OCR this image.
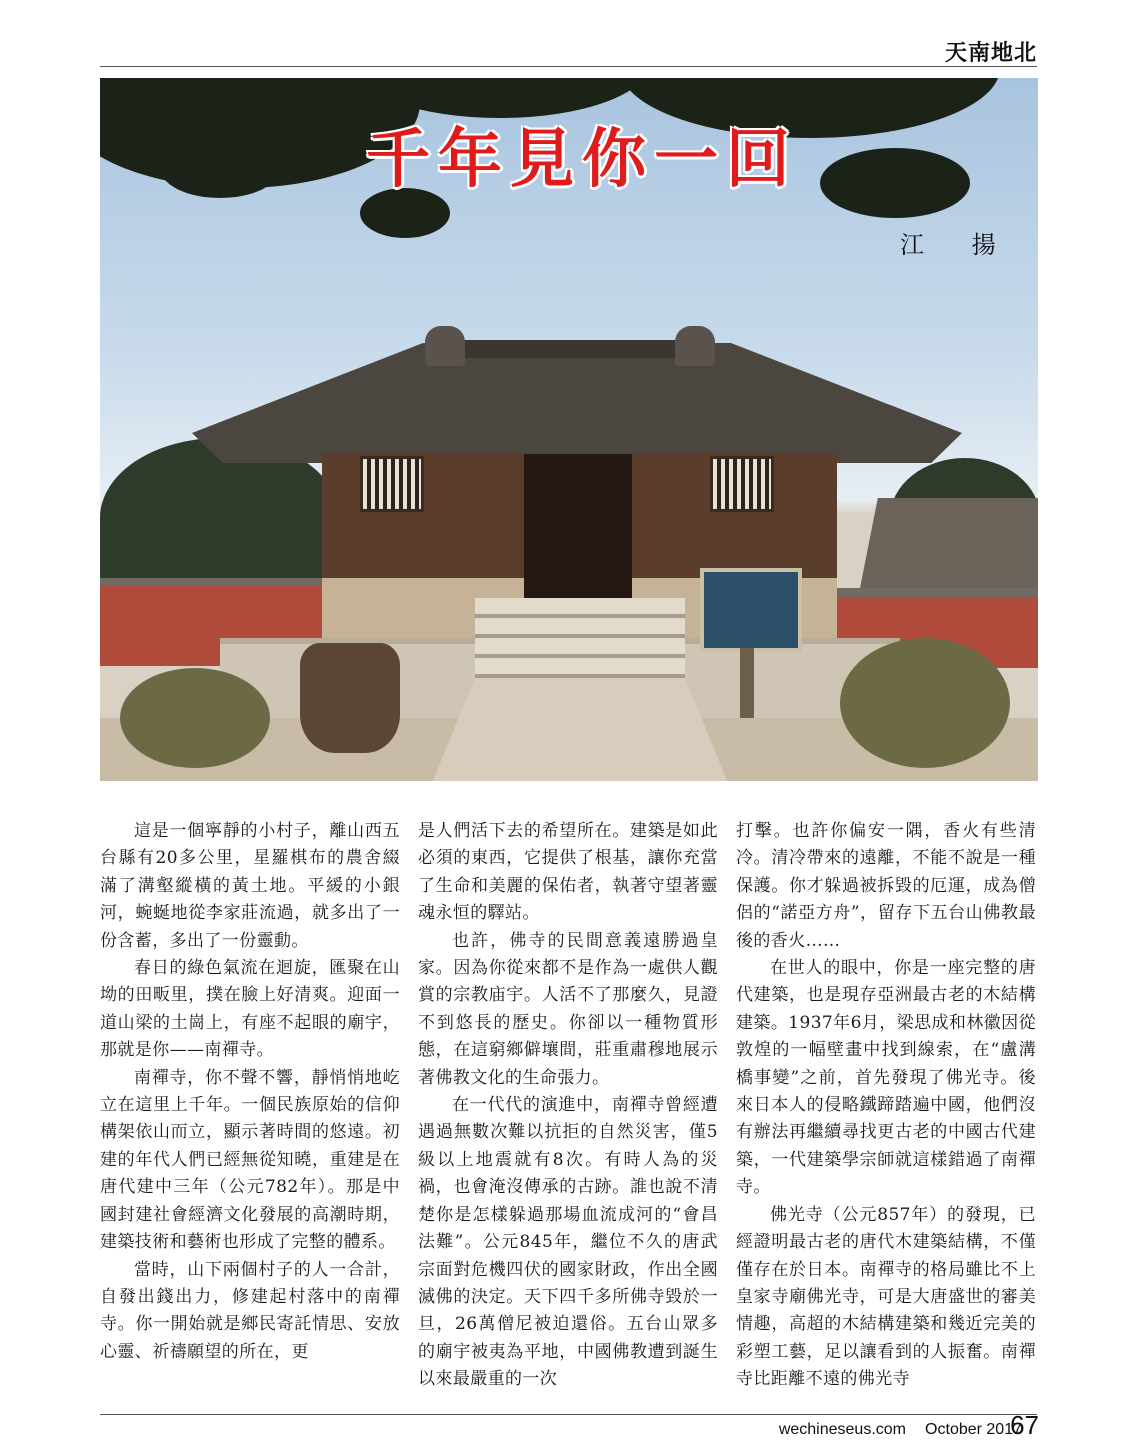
天南地北
千年見你一回
江 揚

這是一個寧靜的小村子，離山西五台縣有20多公里，星羅棋布的農舍綴滿了溝壑縱橫的黃土地。平緩的小銀河，蜿蜒地從李家莊流過，就多出了一份含蓄，多出了一份靈動。

春日的綠色氣流在迴旋，匯聚在山坳的田畈里，撲在臉上好清爽。迎面一道山梁的土崗上，有座不起眼的廟宇，那就是你——南禪寺。

南禪寺，你不聲不響，靜悄悄地屹立在這里上千年。一個民族原始的信仰構架依山而立，顯示著時間的悠遠。初建的年代人們已經無從知曉，重建是在唐代建中三年（公元782年）。那是中國封建社會經濟文化發展的高潮時期，建築技術和藝術也形成了完整的體系。

當時，山下兩個村子的人一合計，自發出錢出力，修建起村落中的南禪寺。你一開始就是鄉民寄託情思、安放心靈、祈禱願望的所在，更

是人們活下去的希望所在。建築是如此必須的東西，它提供了根基，讓你充當了生命和美麗的保佑者，執著守望著靈魂永恒的驛站。

也許，佛寺的民間意義遠勝過皇家。因為你從來都不是作為一處供人觀賞的宗教庙宇。人活不了那麼久，見證不到悠長的歷史。你卻以一種物質形態，在這窮鄉僻壤間，莊重肅穆地展示著佛教文化的生命張力。

在一代代的演進中，南禪寺曾經遭遇過無數次難以抗拒的自然災害，僅5級以上地震就有8次。有時人為的災禍，也會淹沒傳承的古跡。誰也說不清楚你是怎樣躲過那場血流成河的“會昌法難”。公元845年，繼位不久的唐武宗面對危機四伏的國家財政，作出全國滅佛的決定。天下四千多所佛寺毀於一旦，26萬僧尼被迫還俗。五台山眾多的廟宇被夷為平地，中國佛教遭到誕生以來最嚴重的一次

打擊。也許你偏安一隅，香火有些清冷。清冷帶來的遠離，不能不說是一種保護。你才躲過被拆毀的厄運，成為僧侶的“諾亞方舟”，留存下五台山佛教最後的香火……

在世人的眼中，你是一座完整的唐代建築，也是現存亞洲最古老的木結構建築。1937年6月，梁思成和林徽因從敦煌的一幅壁畫中找到線索，在“盧溝橋事變”之前，首先發現了佛光寺。後來日本人的侵略鐵蹄踏遍中國，他們沒有辦法再繼續尋找更古老的中國古代建築，一代建築學宗師就這樣錯過了南禪寺。

佛光寺（公元857年）的發現，已經證明最古老的唐代木建築結構，不僅僅存在於日本。南禪寺的格局雖比不上皇家寺廟佛光寺，可是大唐盛世的審美情趣，高超的木結構建築和幾近完美的彩塑工藝，足以讓看到的人振奮。南禪寺比距離不遠的佛光寺

wechineseus.com October 2017
67
